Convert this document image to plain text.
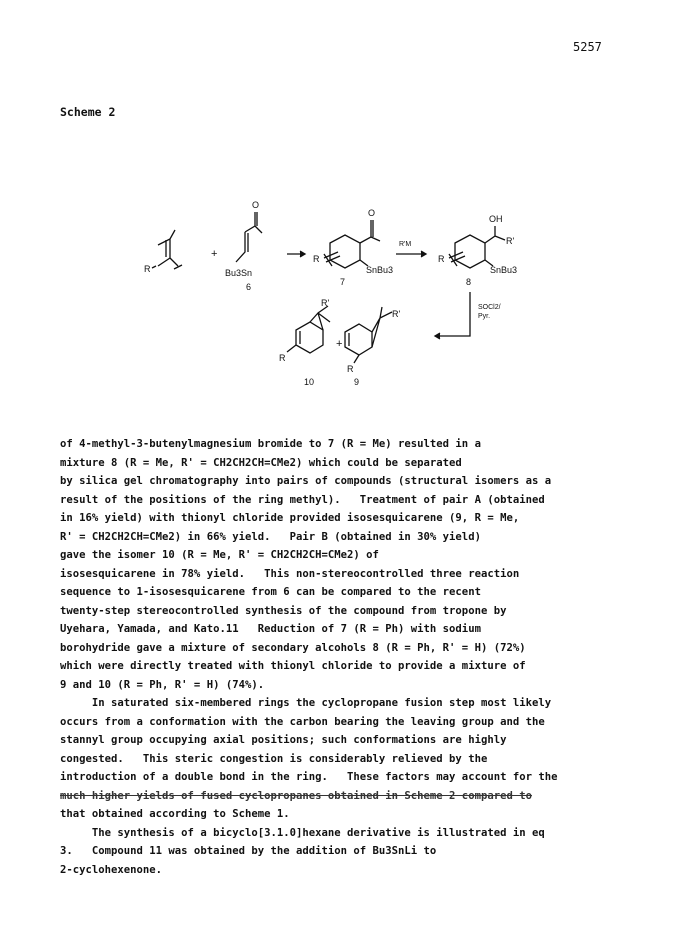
5257
Scheme 2
+
Bu3Sn
O
6
R
R
O
SnBu3
7
R'M
R
OH
R'
SnBu3
8
SOCl2/
Pyr.
R'
R
10
+
R'
R
9
of 4-methyl-3-butenylmagnesium bromide to 7 (R = Me) resulted in a
mixture 8 (R = Me, R' = CH2CH2CH=CMe2) which could be separated
by silica gel chromatography into pairs of compounds (structural isomers as a
result of the positions of the ring methyl).   Treatment of pair A (obtained
in 16% yield) with thionyl chloride provided isosesquicarene (9, R = Me,
R' = CH2CH2CH=CMe2) in 66% yield.   Pair B (obtained in 30% yield)
gave the isomer 10 (R = Me, R' = CH2CH2CH=CMe2) of
isosesquicarene in 78% yield.   This non-stereocontrolled three reaction
sequence to 1-isosesquicarene from 6 can be compared to the recent
twenty-step stereocontrolled synthesis of the compound from tropone by
Uyehara, Yamada, and Kato.11   Reduction of 7 (R = Ph) with sodium
borohydride gave a mixture of secondary alcohols 8 (R = Ph, R' = H) (72%)
which were directly treated with thionyl chloride to provide a mixture of
9 and 10 (R = Ph, R' = H) (74%).
In saturated six-membered rings the cyclopropane fusion step most likely
occurs from a conformation with the carbon bearing the leaving group and the
stannyl group occupying axial positions; such conformations are highly
congested.   This steric congestion is considerably relieved by the
introduction of a double bond in the ring.   These factors may account for the
much higher yields of fused cyclopropanes obtained in Scheme 2 compared to
that obtained according to Scheme 1.
The synthesis of a bicyclo[3.1.0]hexane derivative is illustrated in eq
3.   Compound 11 was obtained by the addition of Bu3SnLi to
2-cyclohexenone.
